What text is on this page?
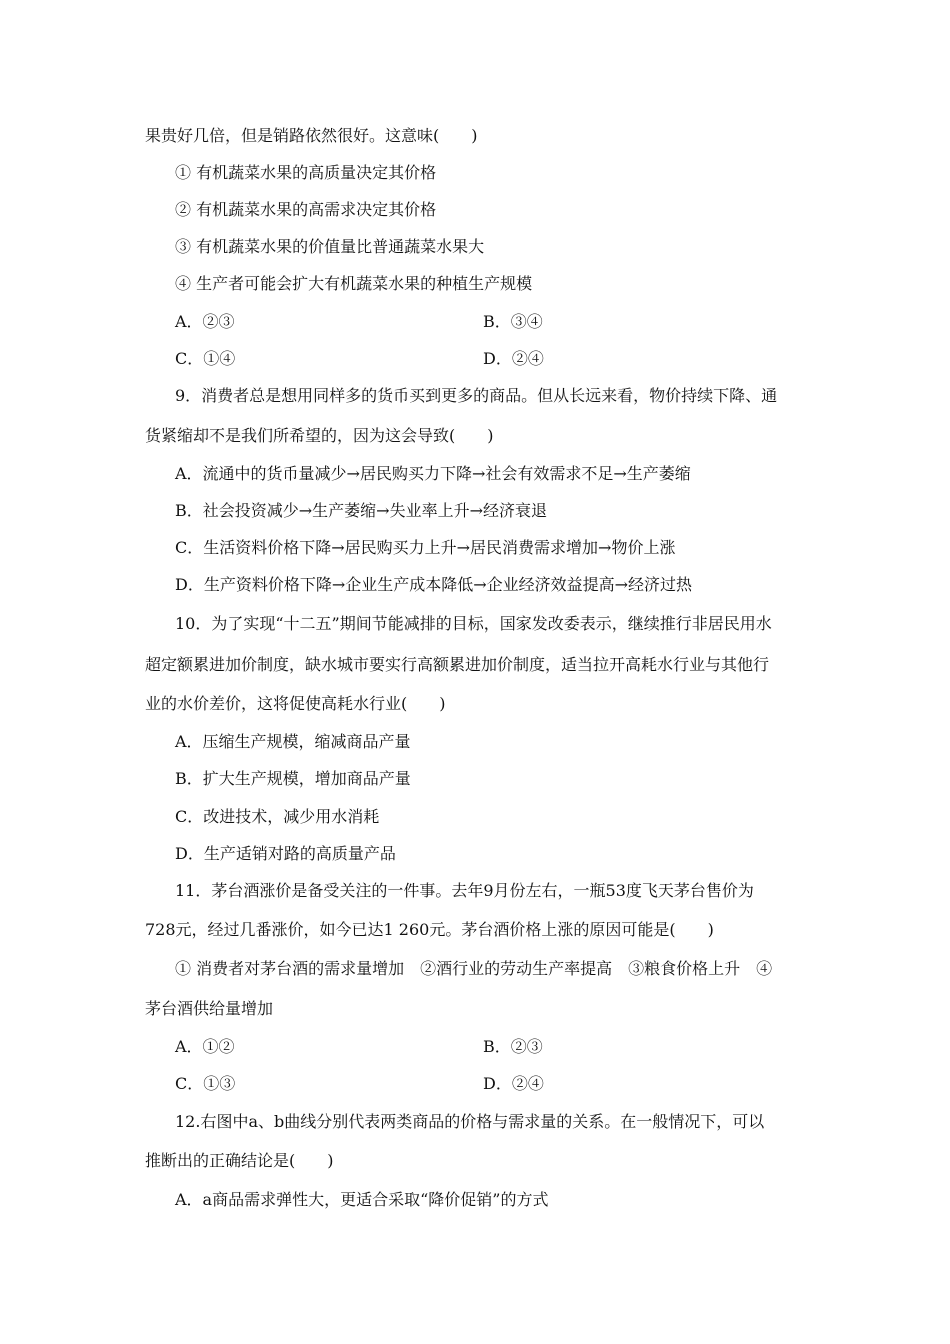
果贵好几倍，但是销路依然很好。这意味(　　)
① 有机蔬菜水果的高质量决定其价格
② 有机蔬菜水果的高需求决定其价格
③ 有机蔬菜水果的价值量比普通蔬菜水果大
④ 生产者可能会扩大有机蔬菜水果的种植生产规模
A．②③	B．③④
C．①④	D．②④
9．消费者总是想用同样多的货币买到更多的商品。但从长远来看，物价持续下降、通
货紧缩却不是我们所希望的，因为这会导致(　　)
A．流通中的货币量减少→居民购买力下降→社会有效需求不足→生产萎缩
B．社会投资减少→生产萎缩→失业率上升→经济衰退
C．生活资料价格下降→居民购买力上升→居民消费需求增加→物价上涨
D．生产资料价格下降→企业生产成本降低→企业经济效益提高→经济过热
10．为了实现“十二五”期间节能减排的目标，国家发改委表示，继续推行非居民用水
超定额累进加价制度，缺水城市要实行高额累进加价制度，适当拉开高耗水行业与其他行
业的水价差价，这将促使高耗水行业(　　)
A．压缩生产规模，缩减商品产量
B．扩大生产规模，增加商品产量
C．改进技术，减少用水消耗
D．生产适销对路的高质量产品
11．茅台酒涨价是备受关注的一件事。去年9月份左右，一瓶53度飞天茅台售价为
728元，经过几番涨价，如今已达1 260元。茅台酒价格上涨的原因可能是(　　)
① 消费者对茅台酒的需求量增加　②酒行业的劳动生产率提高　③粮食价格上升　④
茅台酒供给量增加
A．①②	B．②③
C．①③	D．②④
12.右图中a、b曲线分别代表两类商品的价格与需求量的关系。在一般情况下，可以
推断出的正确结论是(　　)
A．a商品需求弹性大，更适合采取“降价促销”的方式
